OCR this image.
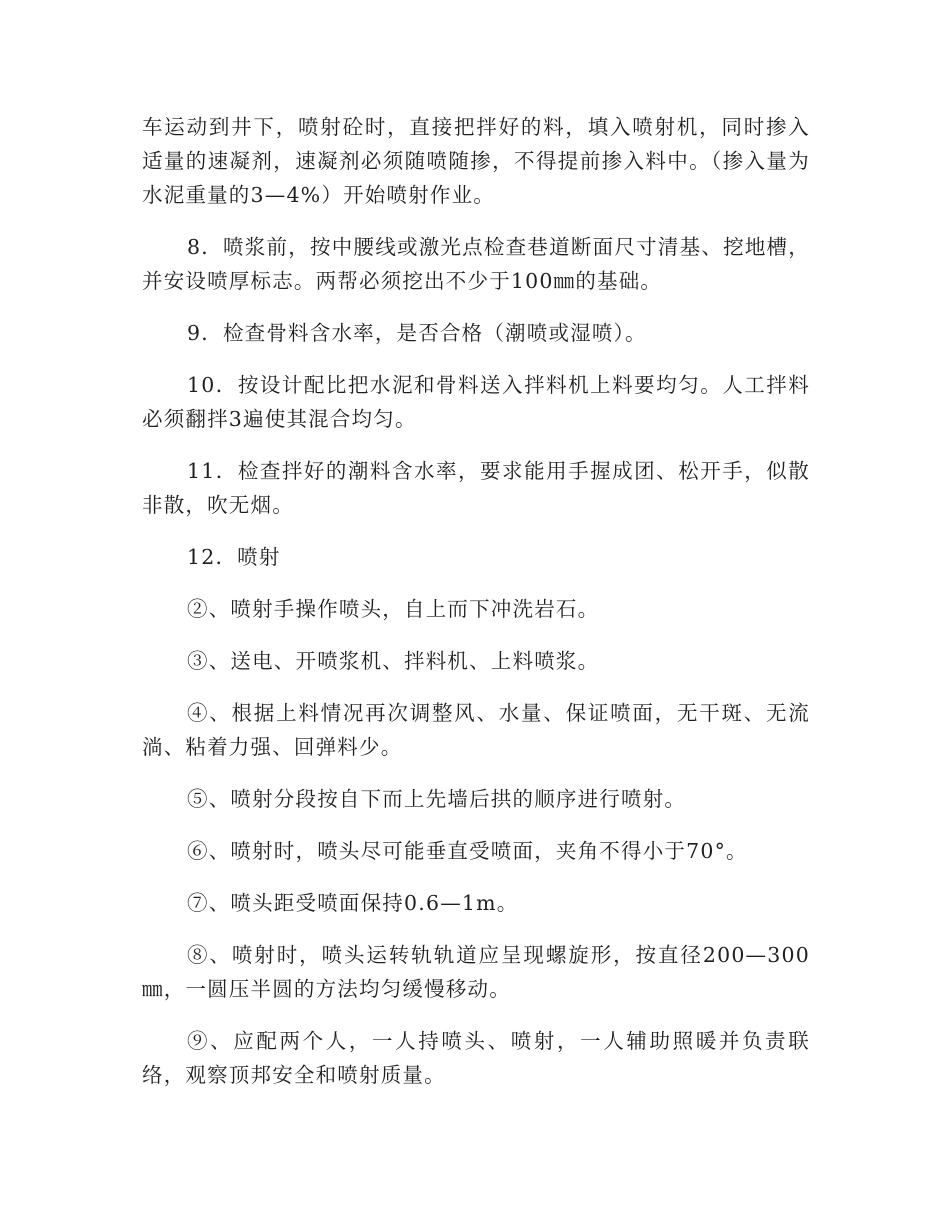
车运动到井下，喷射砼时，直接把拌好的料，填入喷射机，同时掺入适量的速凝剂，速凝剂必须随喷随掺，不得提前掺入料中。（掺入量为水泥重量的3—4%）开始喷射作业。

8．喷浆前，按中腰线或激光点检查巷道断面尺寸清基、挖地槽，并安设喷厚标志。两帮必须挖出不少于100㎜的基础。

9．检查骨料含水率，是否合格（潮喷或湿喷）。

10．按设计配比把水泥和骨料送入拌料机上料要均匀。人工拌料必须翻拌3遍使其混合均匀。

11．检查拌好的潮料含水率，要求能用手握成团、松开手，似散非散，吹无烟。

12．喷射

②、喷射手操作喷头，自上而下冲洗岩石。

③、送电、开喷浆机、拌料机、上料喷浆。

④、根据上料情况再次调整风、水量、保证喷面，无干斑、无流淌、粘着力强、回弹料少。

⑤、喷射分段按自下而上先墙后拱的顺序进行喷射。

⑥、喷射时，喷头尽可能垂直受喷面，夹角不得小于70°。

⑦、喷头距受喷面保持0.6—1m。

⑧、喷射时，喷头运转轨轨道应呈现螺旋形，按直径200—300㎜，一圆压半圆的方法均匀缓慢移动。

⑨、应配两个人，一人持喷头、喷射，一人辅助照暖并负责联络，观察顶邦安全和喷射质量。
